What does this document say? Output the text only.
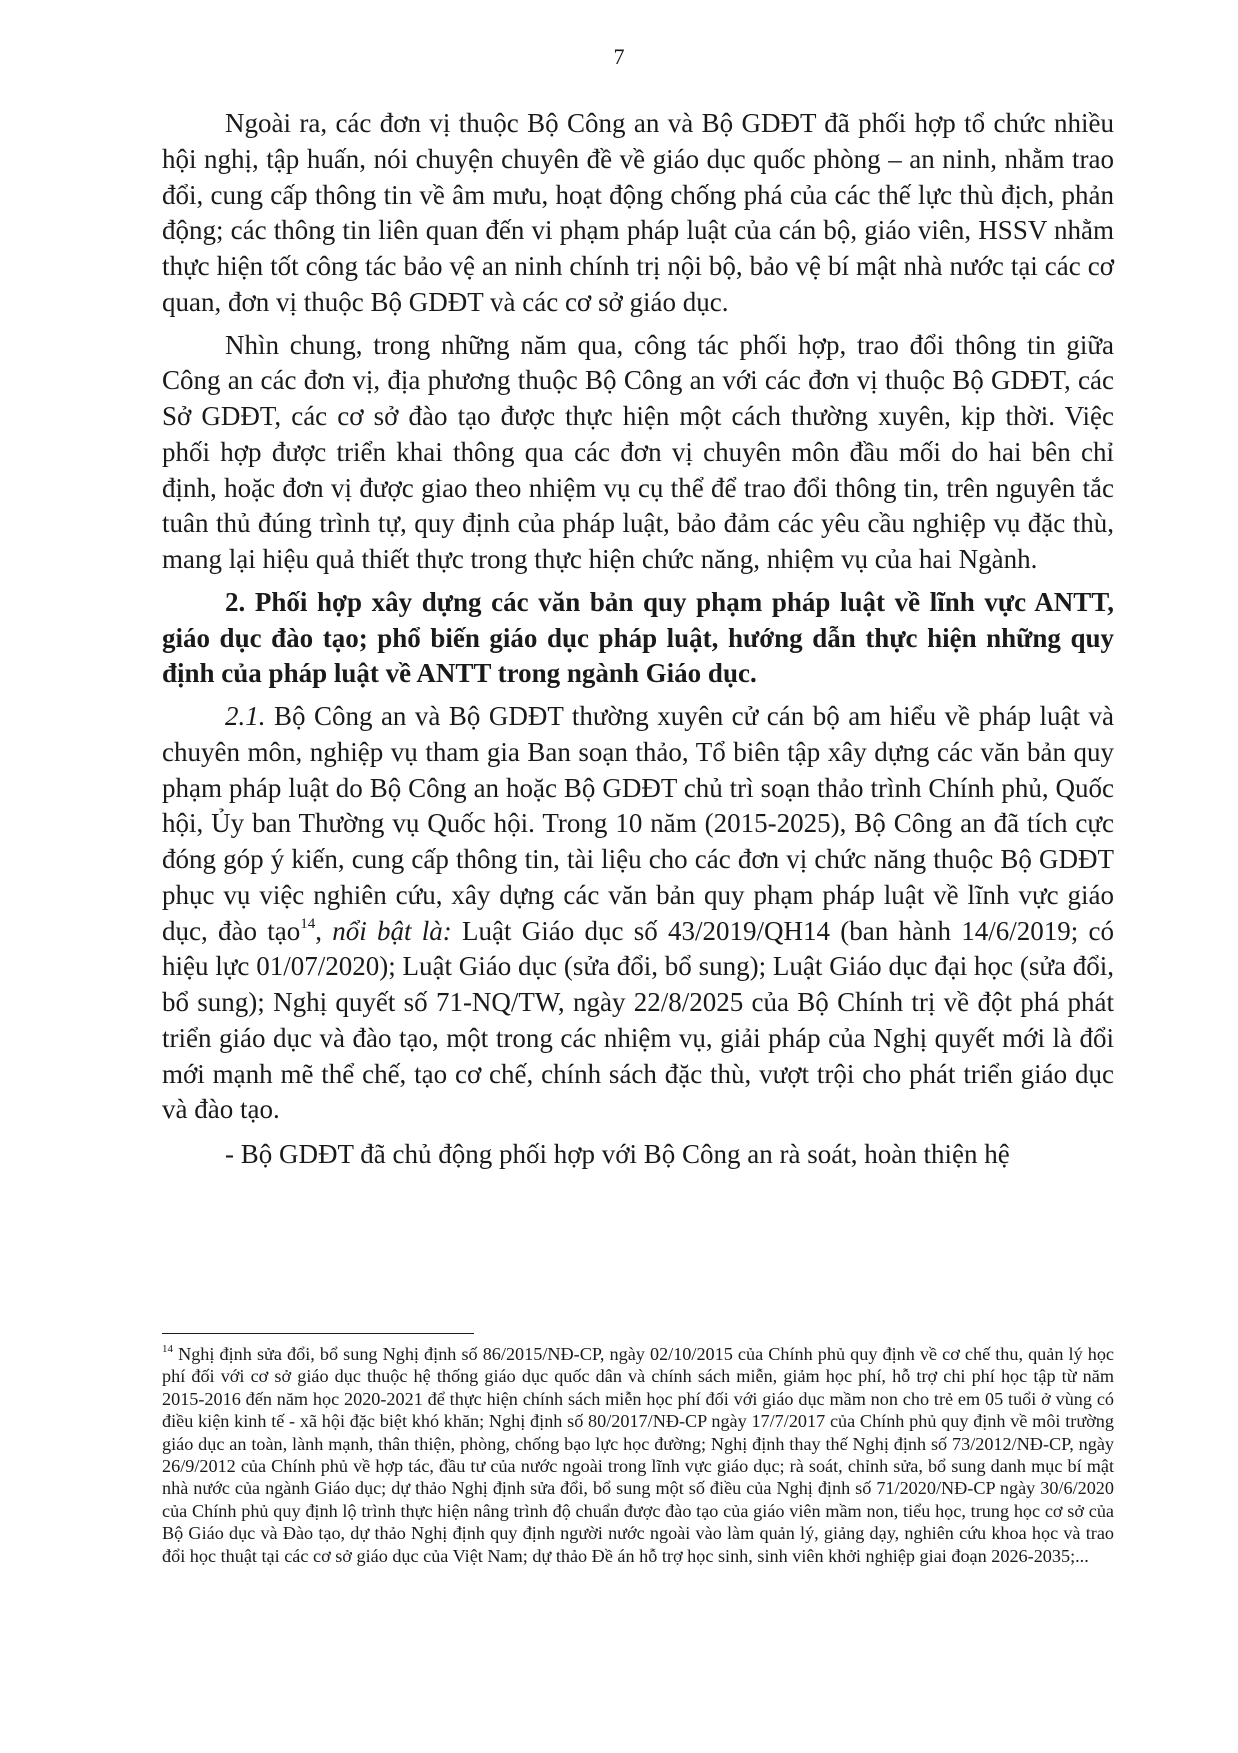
7

Ngoài ra, các đơn vị thuộc Bộ Công an và Bộ GDĐT đã phối hợp tổ chức nhiều hội nghị, tập huấn, nói chuyện chuyên đề về giáo dục quốc phòng – an ninh, nhằm trao đổi, cung cấp thông tin về âm mưu, hoạt động chống phá của các thế lực thù địch, phản động; các thông tin liên quan đến vi phạm pháp luật của cán bộ, giáo viên, HSSV nhằm thực hiện tốt công tác bảo vệ an ninh chính trị nội bộ, bảo vệ bí mật nhà nước tại các cơ quan, đơn vị thuộc Bộ GDĐT và các cơ sở giáo dục.

Nhìn chung, trong những năm qua, công tác phối hợp, trao đổi thông tin giữa Công an các đơn vị, địa phương thuộc Bộ Công an với các đơn vị thuộc Bộ GDĐT, các Sở GDĐT, các cơ sở đào tạo được thực hiện một cách thường xuyên, kịp thời. Việc phối hợp được triển khai thông qua các đơn vị chuyên môn đầu mối do hai bên chỉ định, hoặc đơn vị được giao theo nhiệm vụ cụ thể để trao đổi thông tin, trên nguyên tắc tuân thủ đúng trình tự, quy định của pháp luật, bảo đảm các yêu cầu nghiệp vụ đặc thù, mang lại hiệu quả thiết thực trong thực hiện chức năng, nhiệm vụ của hai Ngành.

2. Phối hợp xây dựng các văn bản quy phạm pháp luật về lĩnh vực ANTT, giáo dục đào tạo; phổ biến giáo dục pháp luật, hướng dẫn thực hiện những quy định của pháp luật về ANTT trong ngành Giáo dục.

2.1. Bộ Công an và Bộ GDĐT thường xuyên cử cán bộ am hiểu về pháp luật và chuyên môn, nghiệp vụ tham gia Ban soạn thảo, Tổ biên tập xây dựng các văn bản quy phạm pháp luật do Bộ Công an hoặc Bộ GDĐT chủ trì soạn thảo trình Chính phủ, Quốc hội, Ủy ban Thường vụ Quốc hội. Trong 10 năm (2015-2025), Bộ Công an đã tích cực đóng góp ý kiến, cung cấp thông tin, tài liệu cho các đơn vị chức năng thuộc Bộ GDĐT phục vụ việc nghiên cứu, xây dựng các văn bản quy phạm pháp luật về lĩnh vực giáo dục, đào tạo$^{14}$, nổi bật là: Luật Giáo dục số 43/2019/QH14 (ban hành 14/6/2019; có hiệu lực 01/07/2020); Luật Giáo dục (sửa đổi, bổ sung); Luật Giáo dục đại học (sửa đổi, bổ sung); Nghị quyết số 71-NQ/TW, ngày 22/8/2025 của Bộ Chính trị về đột phá phát triển giáo dục và đào tạo, một trong các nhiệm vụ, giải pháp của Nghị quyết mới là đổi mới mạnh mẽ thể chế, tạo cơ chế, chính sách đặc thù, vượt trội cho phát triển giáo dục và đào tạo.

- Bộ GDĐT đã chủ động phối hợp với Bộ Công an rà soát, hoàn thiện hệ

$^{14}$ Nghị định sửa đổi, bổ sung Nghị định số 86/2015/NĐ-CP, ngày 02/10/2015 của Chính phủ quy định về cơ chế thu, quản lý học phí đối với cơ sở giáo dục thuộc hệ thống giáo dục quốc dân và chính sách miễn, giảm học phí, hỗ trợ chi phí học tập từ năm 2015-2016 đến năm học 2020-2021 để thực hiện chính sách miễn học phí đối với giáo dục mầm non cho trẻ em 05 tuổi ở vùng có điều kiện kinh tế - xã hội đặc biệt khó khăn; Nghị định số 80/2017/NĐ-CP ngày 17/7/2017 của Chính phủ quy định về môi trường giáo dục an toàn, lành mạnh, thân thiện, phòng, chống bạo lực học đường; Nghị định thay thế Nghị định số 73/2012/NĐ-CP, ngày 26/9/2012 của Chính phủ về hợp tác, đầu tư của nước ngoài trong lĩnh vực giáo dục; rà soát, chỉnh sửa, bổ sung danh mục bí mật nhà nước của ngành Giáo dục; dự thảo Nghị định sửa đổi, bổ sung một số điều của Nghị định số 71/2020/NĐ-CP ngày 30/6/2020 của Chính phủ quy định lộ trình thực hiện nâng trình độ chuẩn được đào tạo của giáo viên mầm non, tiểu học, trung học cơ sở của Bộ Giáo dục và Đào tạo, dự thảo Nghị định quy định người nước ngoài vào làm quản lý, giảng dạy, nghiên cứu khoa học và trao đổi học thuật tại các cơ sở giáo dục của Việt Nam; dự thảo Đề án hỗ trợ học sinh, sinh viên khởi nghiệp giai đoạn 2026-2035;...
